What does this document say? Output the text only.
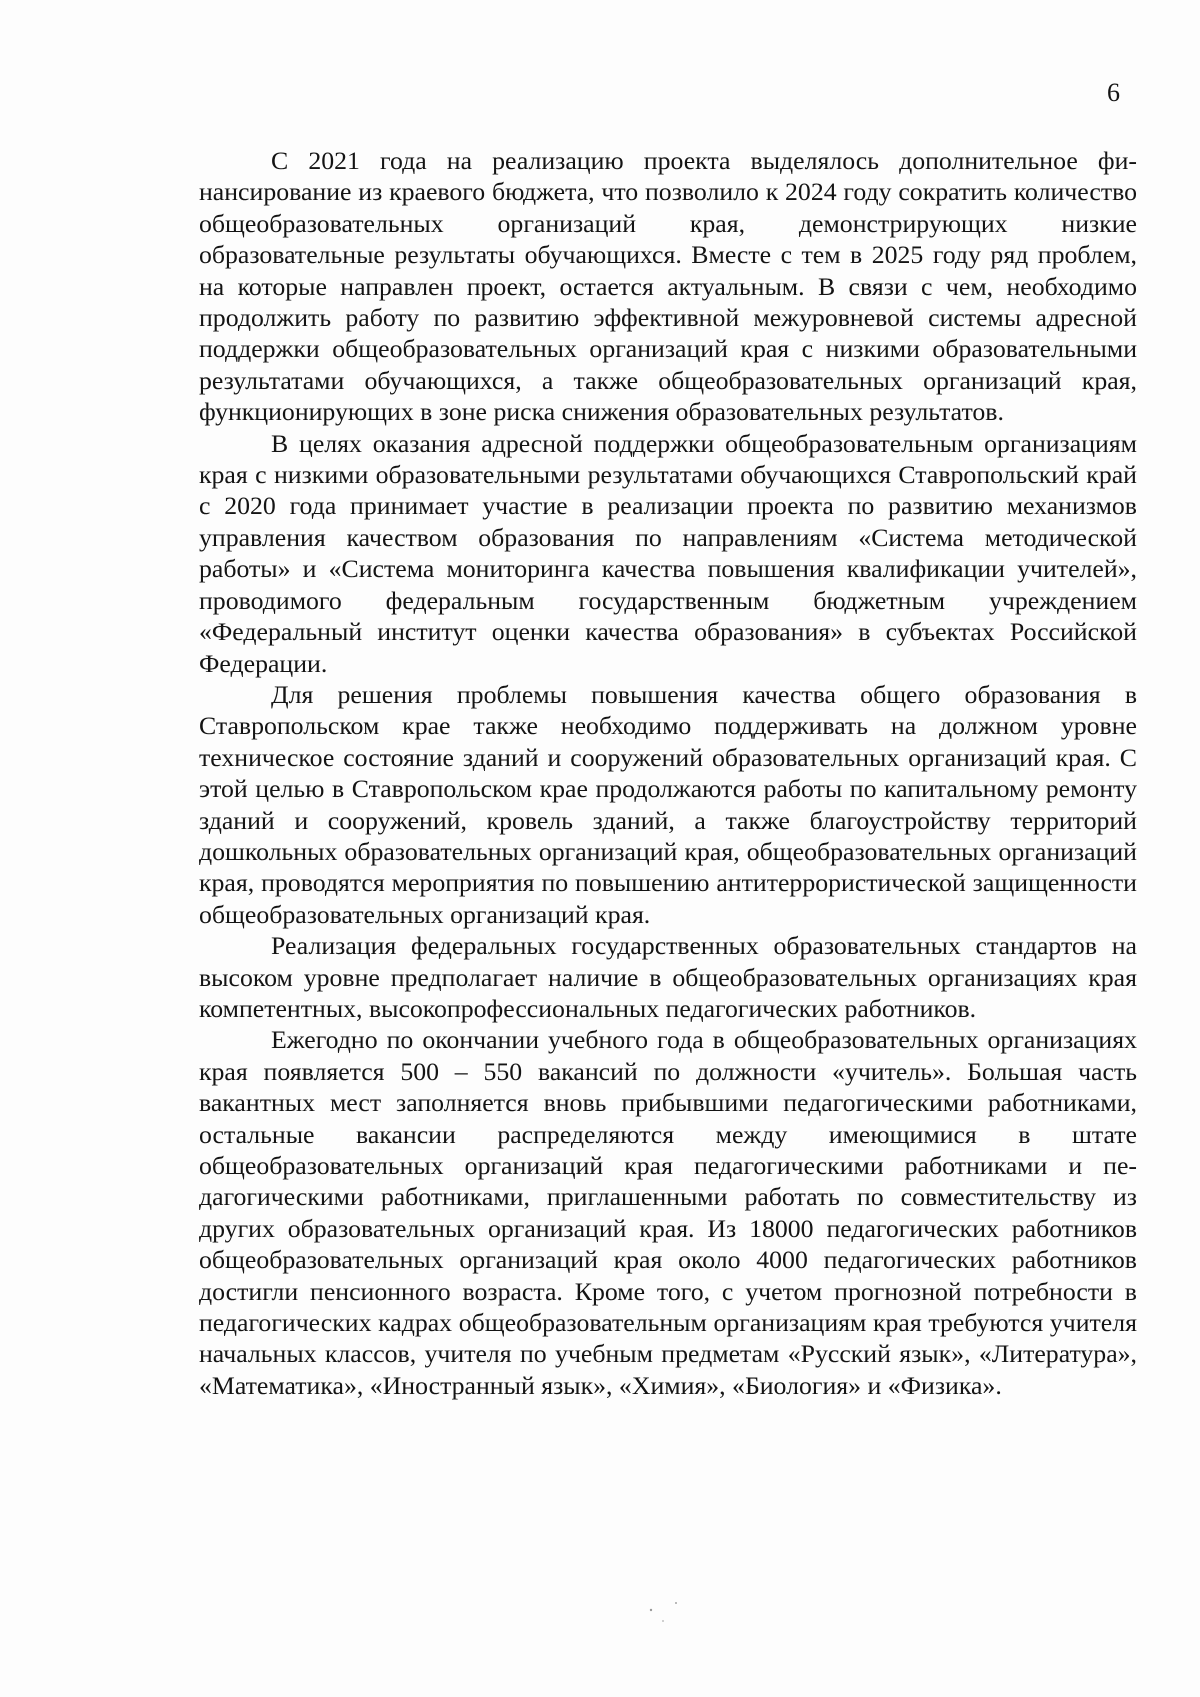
6

С 2021 года на реализацию проекта выделялось дополнительное финансирование из краевого бюджета, что позволило к 2024 году сократить количество общеобразовательных организаций края, демонстрирующих низкие образовательные результаты обучающихся. Вместе с тем в 2025 году ряд проблем, на которые направлен проект, остается актуальным. В связи с чем, необходимо продолжить работу по развитию эффективной межуровневой системы адресной поддержки общеобразовательных организаций края с низкими образовательными результатами обучающихся, а также общеобразовательных организаций края, функционирующих в зоне риска снижения образовательных результатов.

В целях оказания адресной поддержки общеобразовательным организациям края с низкими образовательными результатами обучающихся Ставропольский край с 2020 года принимает участие в реализации проекта по развитию механизмов управления качеством образования по направлениям «Система методической работы» и «Система мониторинга качества повышения квалификации учителей», проводимого федеральным государственным бюджетным учреждением «Федеральный институт оценки качества образования» в субъектах Российской Федерации.

Для решения проблемы повышения качества общего образования в Ставропольском крае также необходимо поддерживать на должном уровне техническое состояние зданий и сооружений образовательных организаций края. С этой целью в Ставропольском крае продолжаются работы по капитальному ремонту зданий и сооружений, кровель зданий, а также благоустройству территорий дошкольных образовательных организаций края, общеобразовательных организаций края, проводятся мероприятия по повышению антитеррористической защищенности общеобразовательных организаций края.

Реализация федеральных государственных образовательных стандартов на высоком уровне предполагает наличие в общеобразовательных организациях края компетентных, высокопрофессиональных педагогических работников.

Ежегодно по окончании учебного года в общеобразовательных организациях края появляется 500 – 550 вакансий по должности «учитель». Большая часть вакантных мест заполняется вновь прибывшими педагогическими работниками, остальные вакансии распределяются между имеющимися в штате общеобразовательных организаций края педагогическими работниками и педагогическими работниками, приглашенными работать по совместительству из других образовательных организаций края. Из 18000 педагогических работников общеобразовательных организаций края около 4000 педагогических работников достигли пенсионного возраста. Кроме того, с учетом прогнозной потребности в педагогических кадрах общеобразовательным организациям края требуются учителя начальных классов, учителя по учебным предметам «Русский язык», «Литература», «Математика», «Иностранный язык», «Химия», «Биология» и «Физика».
